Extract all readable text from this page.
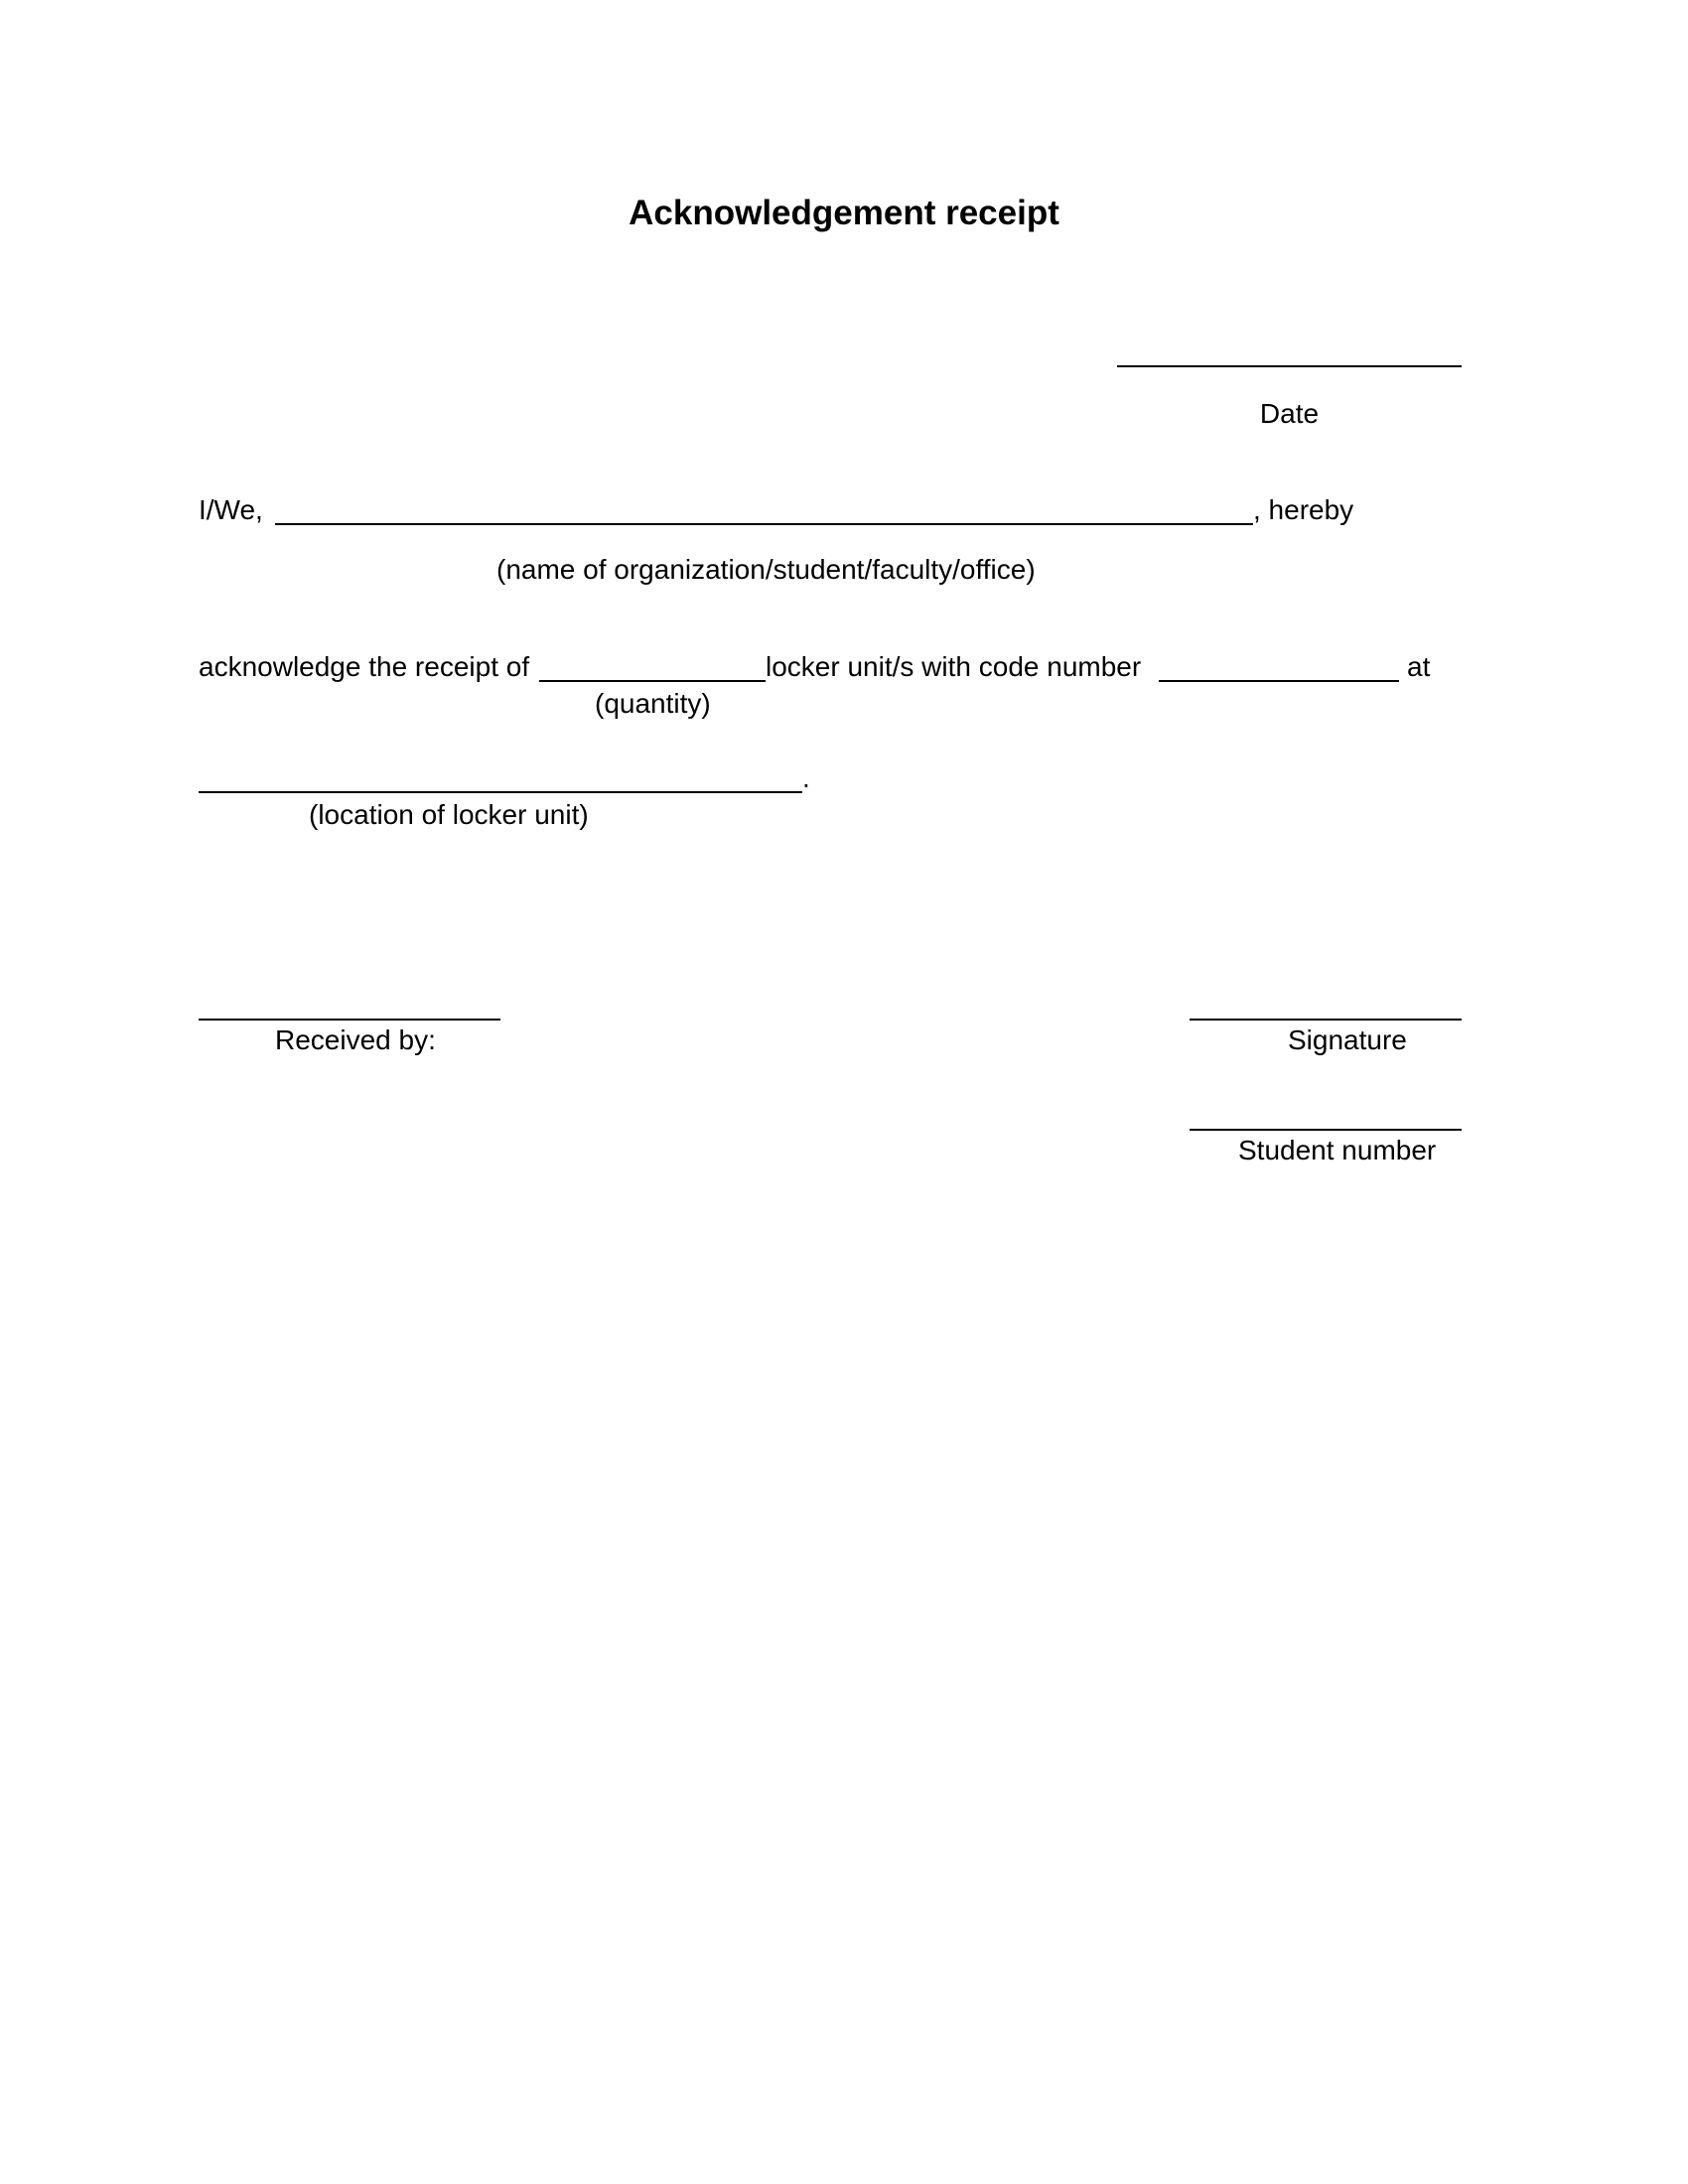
Acknowledgement receipt
Date
I/We,	, hereby
(name of organization/student/faculty/office)
acknowledge the receipt of	locker unit/s with code number	at
(quantity)
.
(location of locker unit)
Received by:	Signature
Student number
